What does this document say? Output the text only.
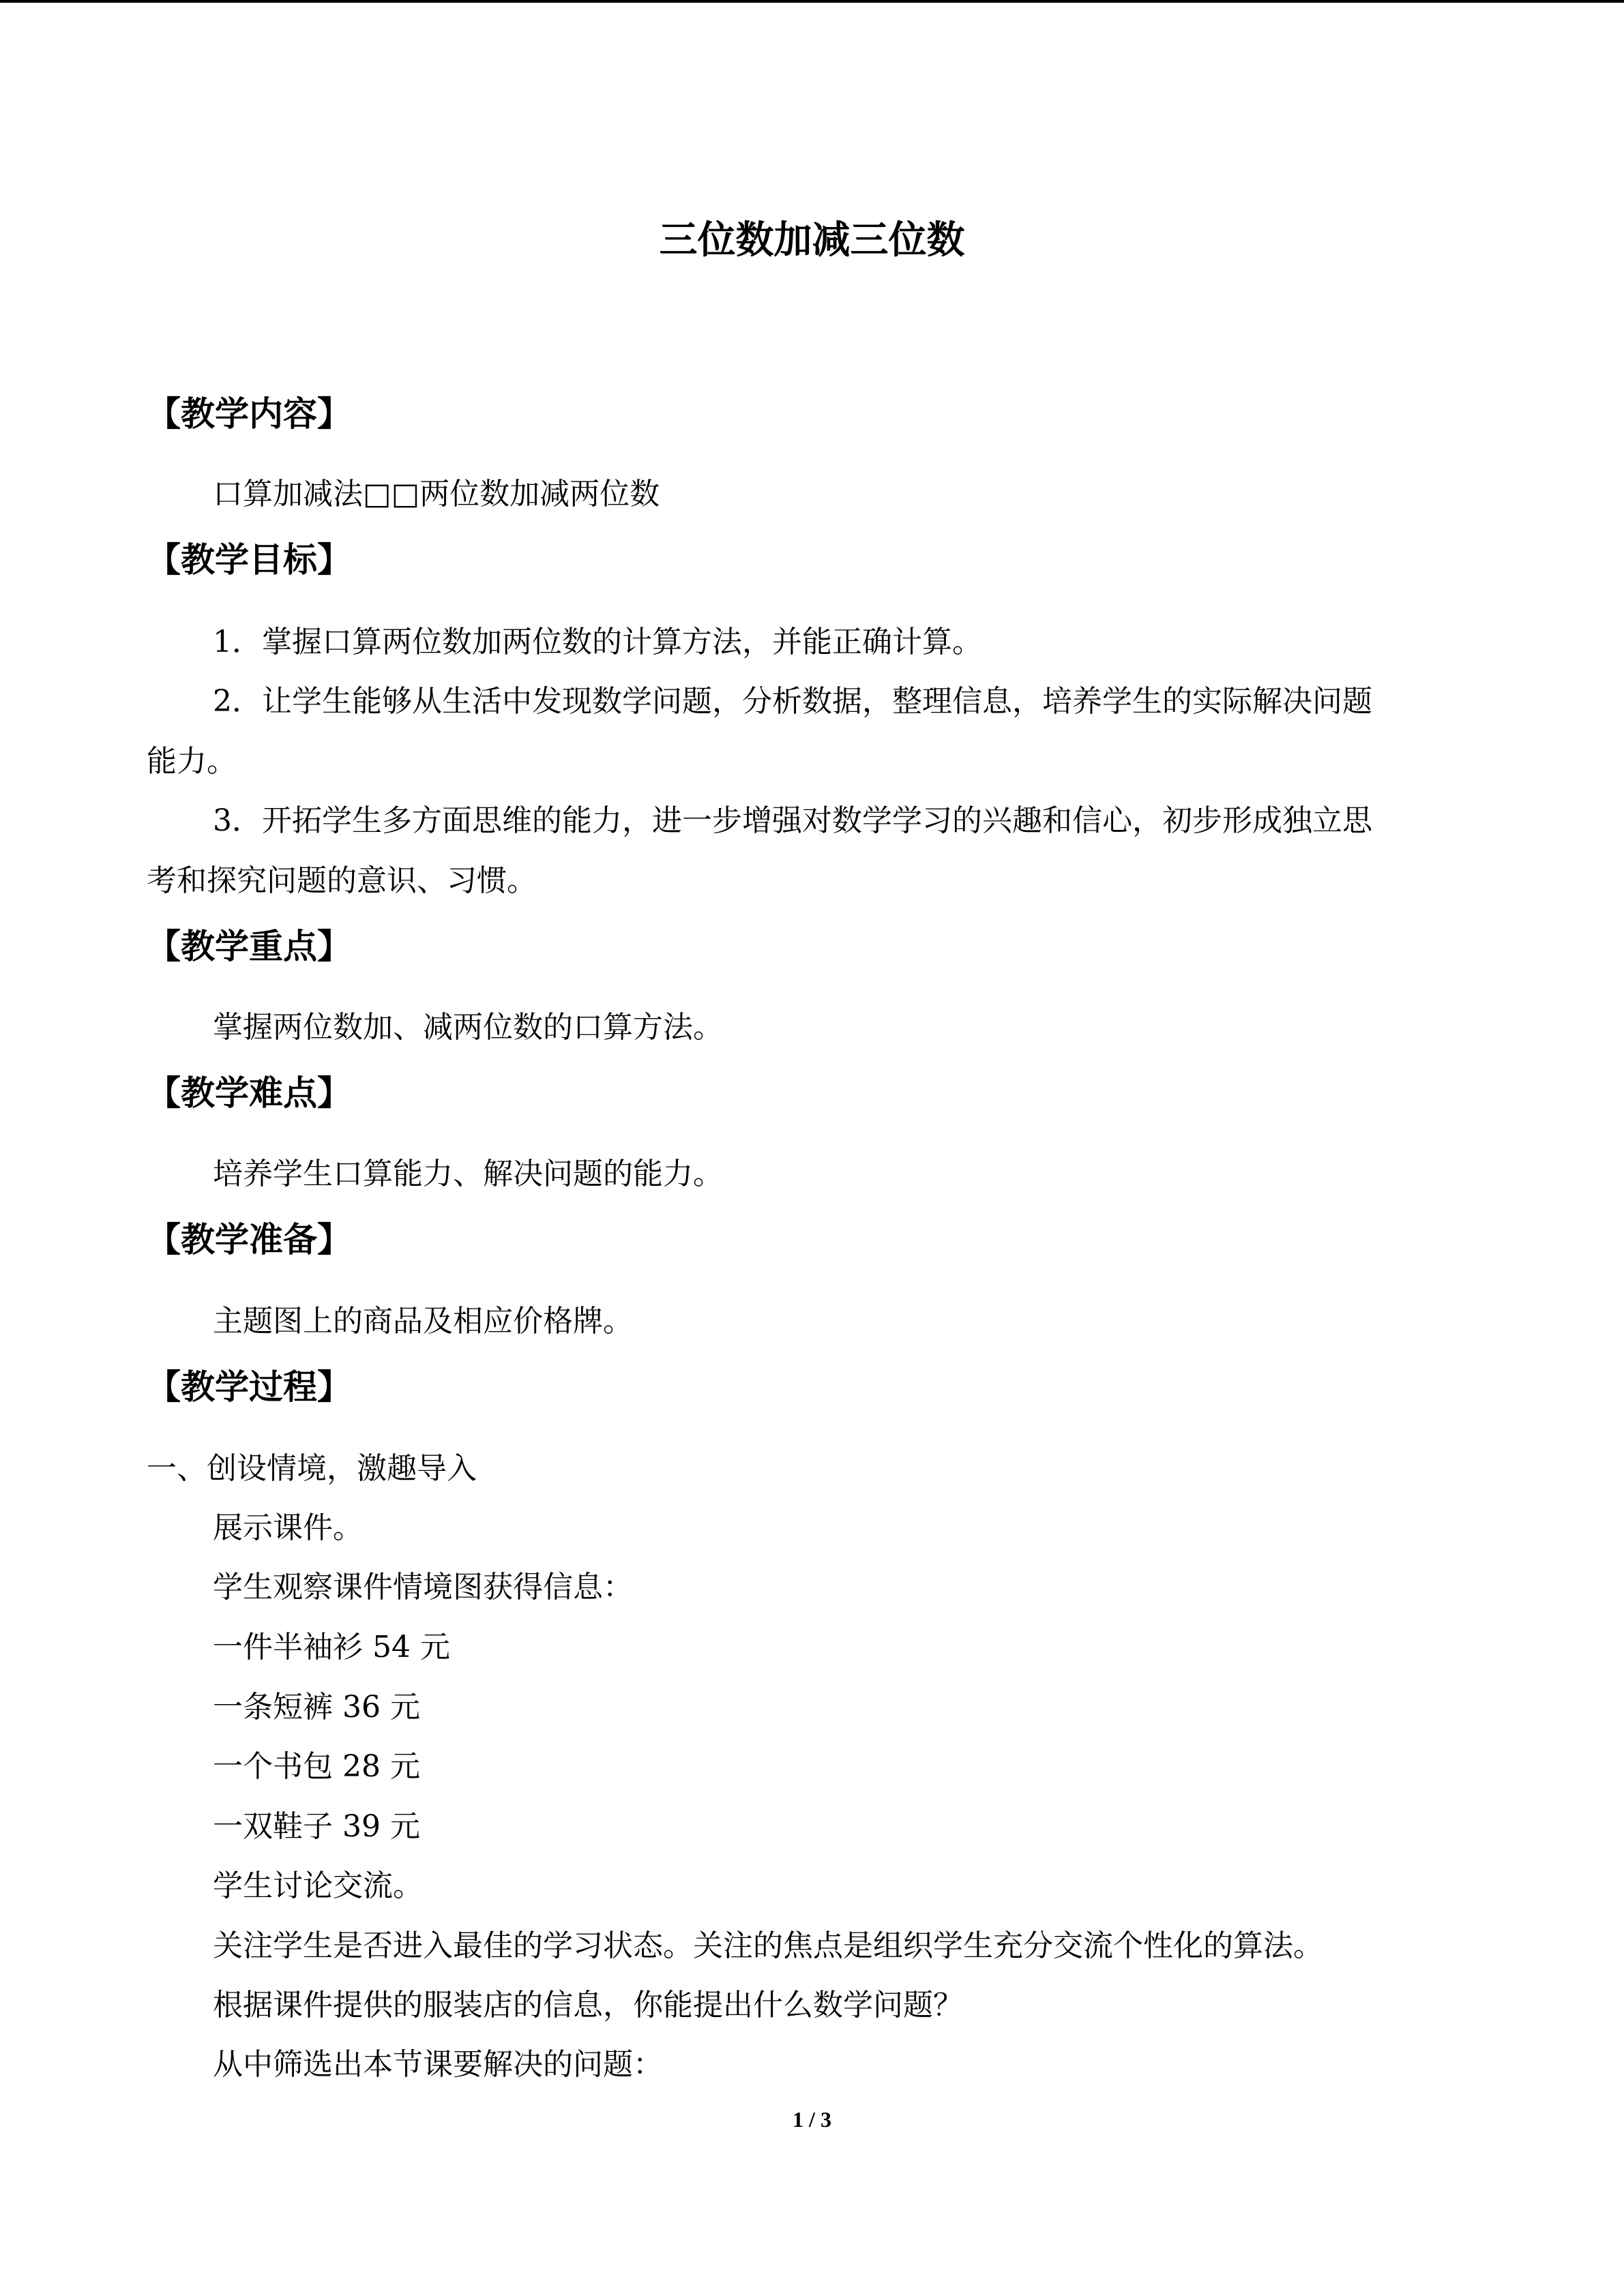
三位数加减三位数
【教学内容】
口算加减法□□两位数加减两位数
【教学目标】
1．掌握口算两位数加两位数的计算方法，并能正确计算。
2．让学生能够从生活中发现数学问题，分析数据，整理信息，培养学生的实际解决问题
能力。
3．开拓学生多方面思维的能力，进一步增强对数学学习的兴趣和信心，初步形成独立思
考和探究问题的意识、习惯。
【教学重点】
掌握两位数加、减两位数的口算方法。
【教学难点】
培养学生口算能力、解决问题的能力。
【教学准备】
主题图上的商品及相应价格牌。
【教学过程】
一、创设情境，激趣导入
展示课件。
学生观察课件情境图获得信息：
一件半袖衫 54 元
一条短裤 36 元
一个书包 28 元
一双鞋子 39 元
学生讨论交流。
关注学生是否进入最佳的学习状态。关注的焦点是组织学生充分交流个性化的算法。
根据课件提供的服装店的信息，你能提出什么数学问题？
从中筛选出本节课要解决的问题：
1 / 3
